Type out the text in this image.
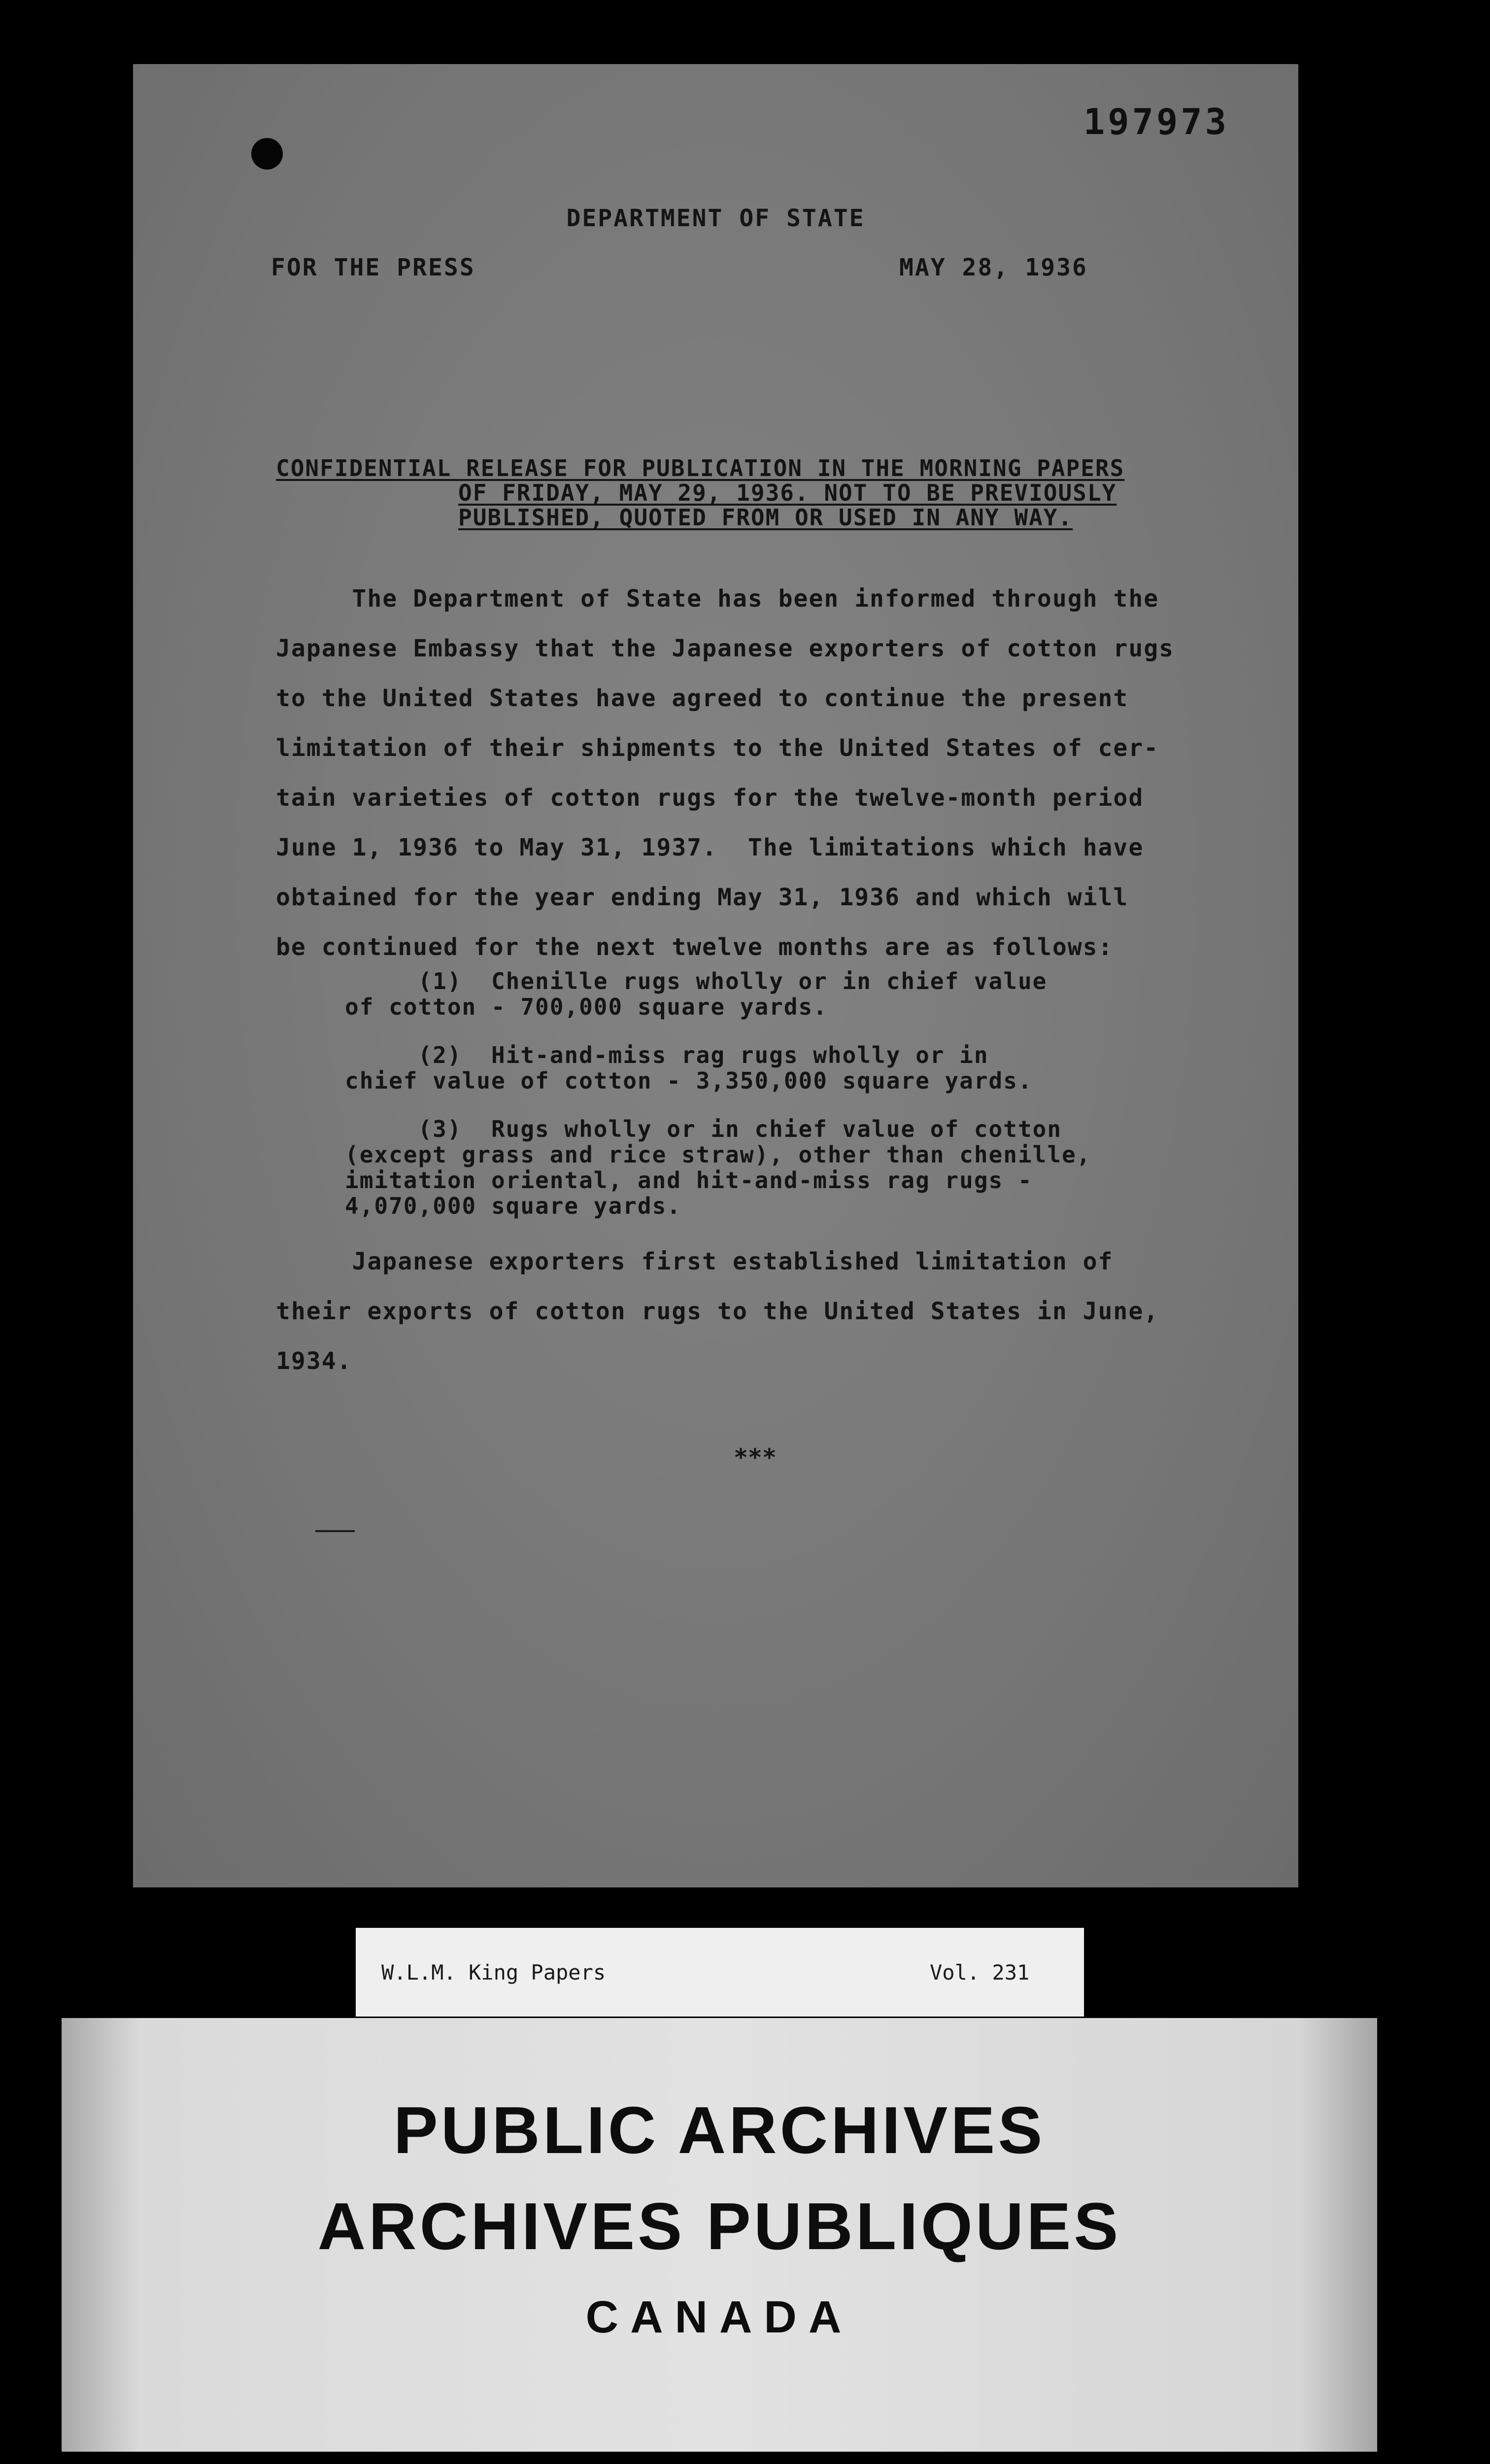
197973
DEPARTMENT OF STATE
FOR THE PRESS	MAY 28, 1936
CONFIDENTIAL RELEASE FOR PUBLICATION IN THE MORNING PAPERS
OF FRIDAY, MAY 29, 1936. NOT TO BE PREVIOUSLY
PUBLISHED, QUOTED FROM OR USED IN ANY WAY.
The Department of State has been informed through the
Japanese Embassy that the Japanese exporters of cotton rugs
to the United States have agreed to continue the present
limitation of their shipments to the United States of cer-
tain varieties of cotton rugs for the twelve-month period
June 1, 1936 to May 31, 1937.  The limitations which have
obtained for the year ending May 31, 1936 and which will
be continued for the next twelve months are as follows:
(1)  Chenille rugs wholly or in chief value
of cotton - 700,000 square yards.
(2)  Hit-and-miss rag rugs wholly or in
chief value of cotton - 3,350,000 square yards.
(3)  Rugs wholly or in chief value of cotton
(except grass and rice straw), other than chenille,
imitation oriental, and hit-and-miss rag rugs -
4,070,000 square yards.
Japanese exporters first established limitation of
their exports of cotton rugs to the United States in June,
1934.
***
W.L.M. King Papers	Vol. 231
PUBLIC ARCHIVES
ARCHIVES PUBLIQUES
CANADA
